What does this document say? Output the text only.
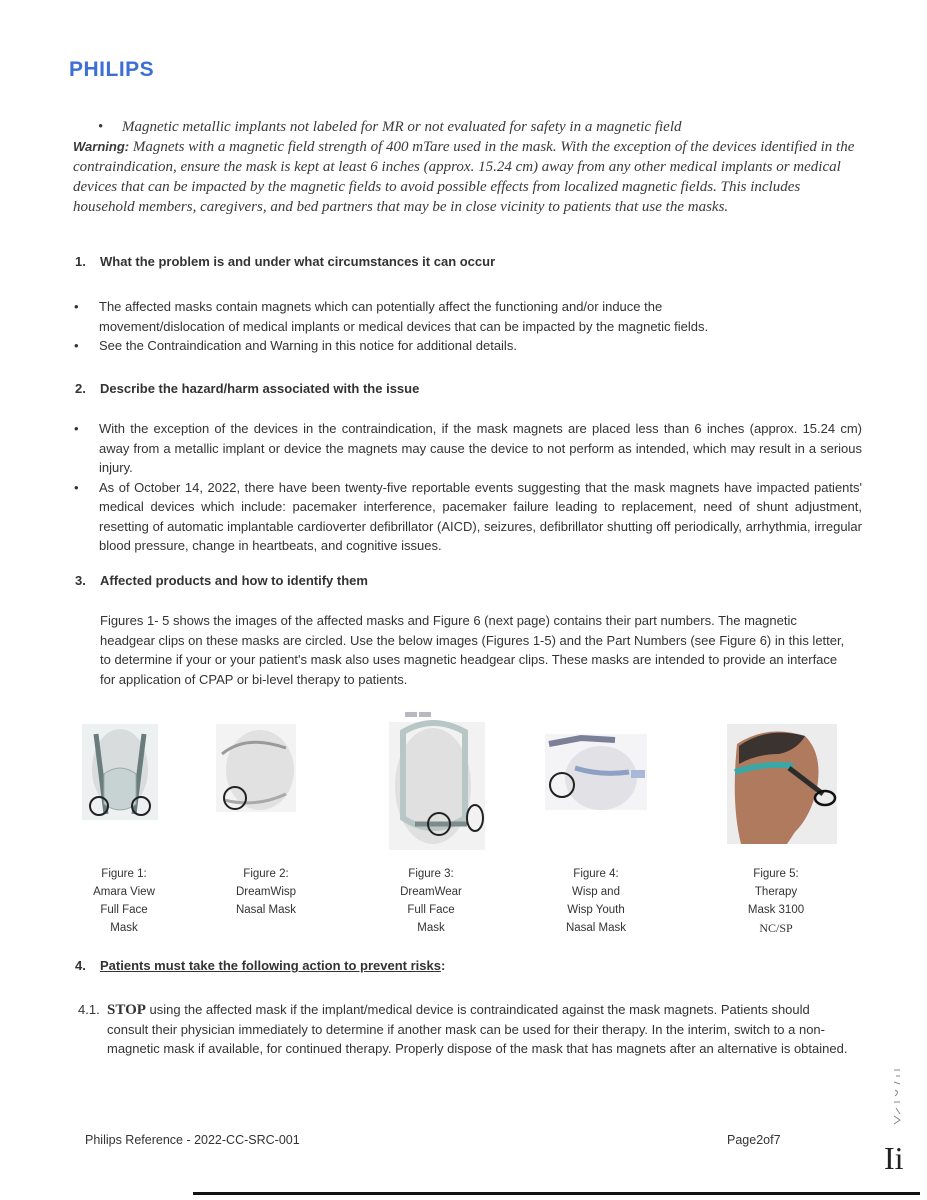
PHILIPS
•	Magnetic metallic implants not labeled for MR or not evaluated for safety in a magnetic field
Warning: Magnets with a magnetic field strength of 400 mTare used in the mask. With the exception of the devices identified in the contraindication, ensure the mask is kept at least 6 inches (approx. 15.24 cm) away from any other medical implants or medical devices that can be impacted by the magnetic fields to avoid possible effects from localized magnetic fields. This includes household members, caregivers, and bed partners that may be in close vicinity to patients that use the masks.
1. What the problem is and under what circumstances it can occur
• The affected masks contain magnets which can potentially affect the functioning and/or induce the movement/dislocation of medical implants or medical devices that can be impacted by the magnetic fields.
• See the Contraindication and Warning in this notice for additional details.
2. Describe the hazard/harm associated with the issue
• With the exception of the devices in the contraindication, if the mask magnets are placed less than 6 inches (approx. 15.24 cm) away from a metallic implant or device the magnets may cause the device to not perform as intended, which may result in a serious injury.
• As of October 14, 2022, there have been twenty-five reportable events suggesting that the mask magnets have impacted patients' medical devices which include: pacemaker interference, pacemaker failure leading to replacement, need of shunt adjustment, resetting of automatic implantable cardioverter defibrillator (AICD), seizures, defibrillator shutting off periodically, arrhythmia, irregular blood pressure, change in heartbeats, and cognitive issues.
3. Affected products and how to identify them
Figures 1- 5 shows the images of the affected masks and Figure 6 (next page) contains their part numbers. The magnetic headgear clips on these masks are circled. Use the below images (Figures 1-5) and the Part Numbers (see Figure 6) in this letter, to determine if your or your patient's mask also uses magnetic headgear clips. These masks are intended to provide an interface for application of CPAP or bi-level therapy to patients.
Figure 1:
Amara View
Full Face
Mask
Figure 2:
DreamWisp
Nasal Mask
Figure 3:
DreamWear
Full Face
Mask
Figure 4:
Wisp and
Wisp Youth
Nasal Mask
Figure 5:
Therapy
Mask 3100
NC/SP
4. Patients must take the following action to prevent risks:
4.1. STOP using the affected mask if the implant/medical device is contraindicated against the mask magnets. Patients should consult their physician immediately to determine if another mask can be used for their therapy. In the interim, switch to a non-magnetic mask if available, for continued therapy. Properly dispose of the mask that has magnets after an alternative is obtained.
Ii
Philips Reference - 2022-CC-SRC-001	Page2of7
